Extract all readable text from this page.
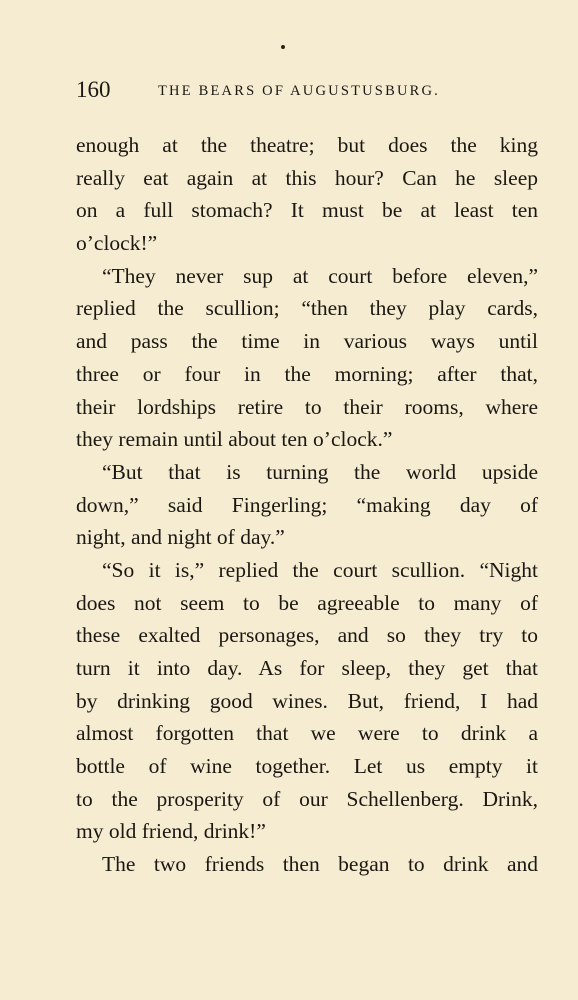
160	THE BEARS OF AUGUSTUSBURG.
enough at the theatre; but does the king
really eat again at this hour? Can he sleep
on a full stomach? It must be at least ten
o’clock!”
“They never sup at court before eleven,”
replied the scullion; “then they play cards,
and pass the time in various ways until
three or four in the morning; after that,
their lordships retire to their rooms, where
they remain until about ten o’clock.”
“But that is turning the world upside
down,” said Fingerling; “making day of
night, and night of day.”
“So it is,” replied the court scullion. “Night
does not seem to be agreeable to many of
these exalted personages, and so they try to
turn it into day. As for sleep, they get that
by drinking good wines. But, friend, I had
almost forgotten that we were to drink a
bottle of wine together. Let us empty it
to the prosperity of our Schellenberg. Drink,
my old friend, drink!”
The two friends then began to drink and
